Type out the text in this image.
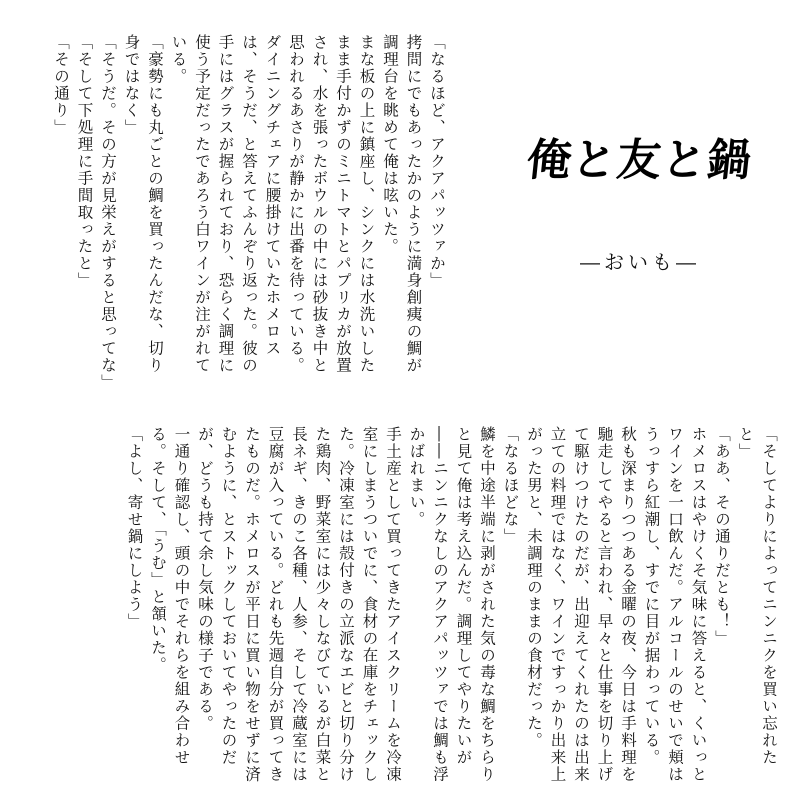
「なるほど、アクアパッツァか」

拷問にでもあったかのように満身創痍の鯛が調理台を眺めて俺は呟いた。

まな板の上に鎮座し、シンクには水洗いしたまま手付かずのミニトマトとパプリカが放置され、水を張ったボウルの中には砂抜き中と思われるあさりが静かに出番を待っている。

ダイニングチェアに腰掛けていたホメロスは、そうだ、と答えてふんぞり返った。彼の手にはグラスが握られており、恐らく調理に使う予定だったであろう白ワインが注がれている。

「豪勢にも丸ごとの鯛を買ったんだな、切り身ではなく」

「そうだ。その方が見栄えがすると思ってな」

「そして下処理に手間取ったと」

「その通り」

俺と友と鍋
―おいも―

「そしてよりによってニンニクを買い忘れたと」

「ああ、その通りだとも！」

ホメロスはやけくそ気味に答えると、くいっとワインを一口飲んだ。アルコールのせいで頬はうっすら紅潮し、すでに目が据わっている。

秋も深まりつつある金曜の夜、今日は手料理を馳走してやると言われ、早々と仕事を切り上げて駆けつけたのだが、出迎えてくれたのは出来立ての料理ではなく、ワインですっかり出来上がった男と、未調理のままの食材だった。

「なるほどな」

鱗を中途半端に剥がされた気の毒な鯛をちらりと見て俺は考え込んだ。調理してやりたいが――ニンニクなしのアクアパッツァでは鯛も浮かばれまい。

手土産として買ってきたアイスクリームを冷凍室にしまうついでに、食材の在庫をチェックした。冷凍室には殻付きの立派なエビと切り分けた鶏肉、野菜室には少々しなびているが白菜と長ネギ、きのこ各種、人参、そして冷蔵室には豆腐が入っている。どれも先週自分が買ってきたものだ。ホメロスが平日に買い物をせずに済むように、とストックしておいてやったのだが、どうも持て余し気味の様子である。

一通り確認し、頭の中でそれらを組み合わせる。そして、「うむ」と頷いた。

「よし、寄せ鍋にしよう」
